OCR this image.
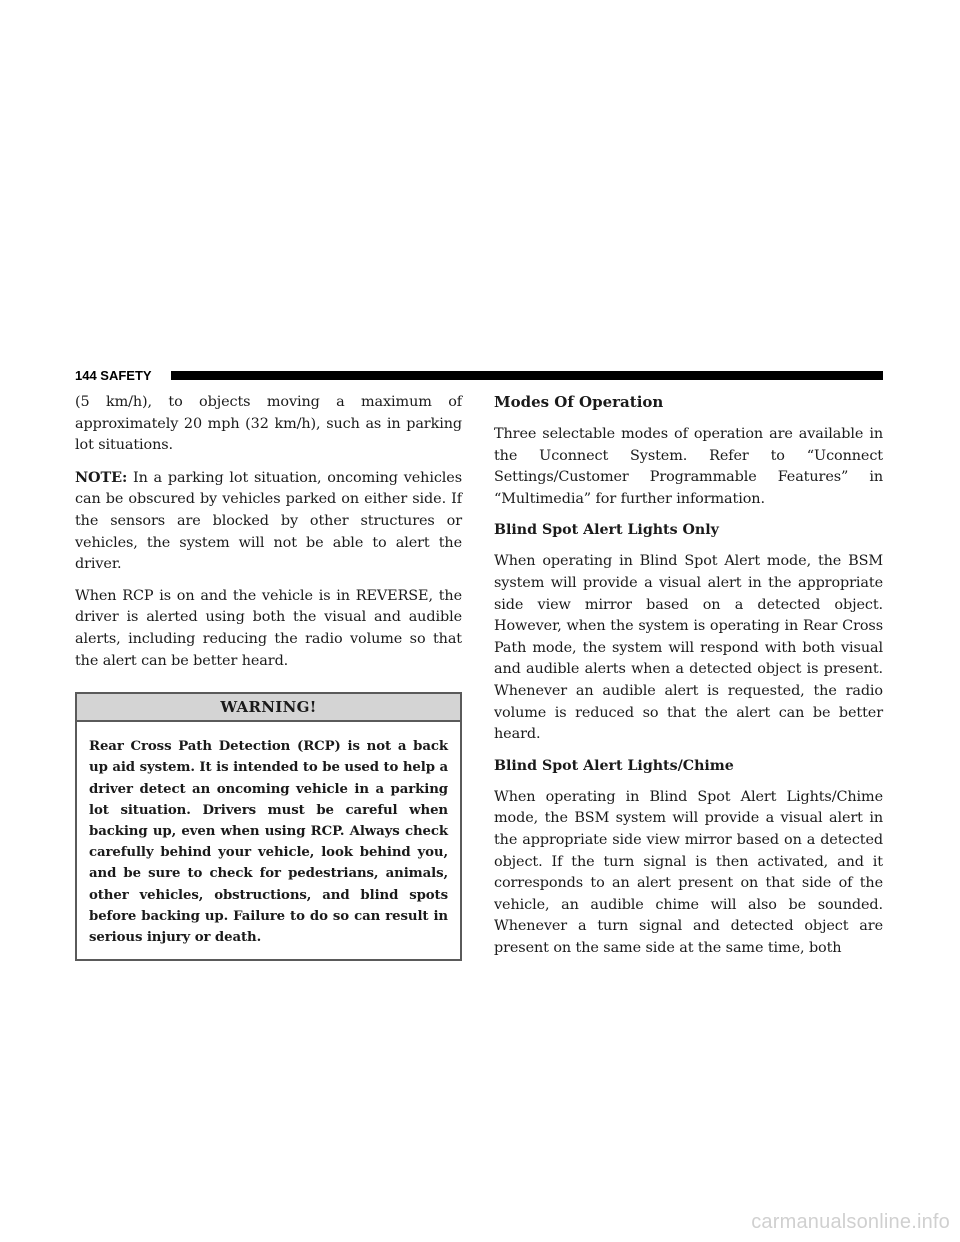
144 SAFETY

(5 km/h), to objects moving a maximum of approximately 20 mph (32 km/h), such as in parking lot situations.

NOTE: In a parking lot situation, oncoming vehicles can be obscured by vehicles parked on either side. If the sensors are blocked by other structures or vehicles, the system will not be able to alert the driver.

When RCP is on and the vehicle is in REVERSE, the driver is alerted using both the visual and audible alerts, including reducing the radio volume so that the alert can be better heard.

WARNING!

Rear Cross Path Detection (RCP) is not a back up aid system. It is intended to be used to help a driver detect an oncoming vehicle in a parking lot situation. Drivers must be careful when backing up, even when using RCP. Always check carefully behind your vehicle, look behind you, and be sure to check for pedestrians, animals, other vehicles, obstructions, and blind spots before backing up. Failure to do so can result in serious injury or death.

Modes Of Operation

Three selectable modes of operation are available in the Uconnect System. Refer to “Uconnect Settings/Customer Programmable Features” in “Multimedia” for further information.

Blind Spot Alert Lights Only

When operating in Blind Spot Alert mode, the BSM system will provide a visual alert in the appropriate side view mirror based on a detected object. However, when the system is operating in Rear Cross Path mode, the system will respond with both visual and audible alerts when a detected object is present. Whenever an audible alert is requested, the radio volume is reduced so that the alert can be better heard.

Blind Spot Alert Lights/Chime

When operating in Blind Spot Alert Lights/Chime mode, the BSM system will provide a visual alert in the appropriate side view mirror based on a detected object. If the turn signal is then activated, and it corresponds to an alert present on that side of the vehicle, an audible chime will also be sounded. Whenever a turn signal and detected object are present on the same side at the same time, both

carmanualsonline.info
